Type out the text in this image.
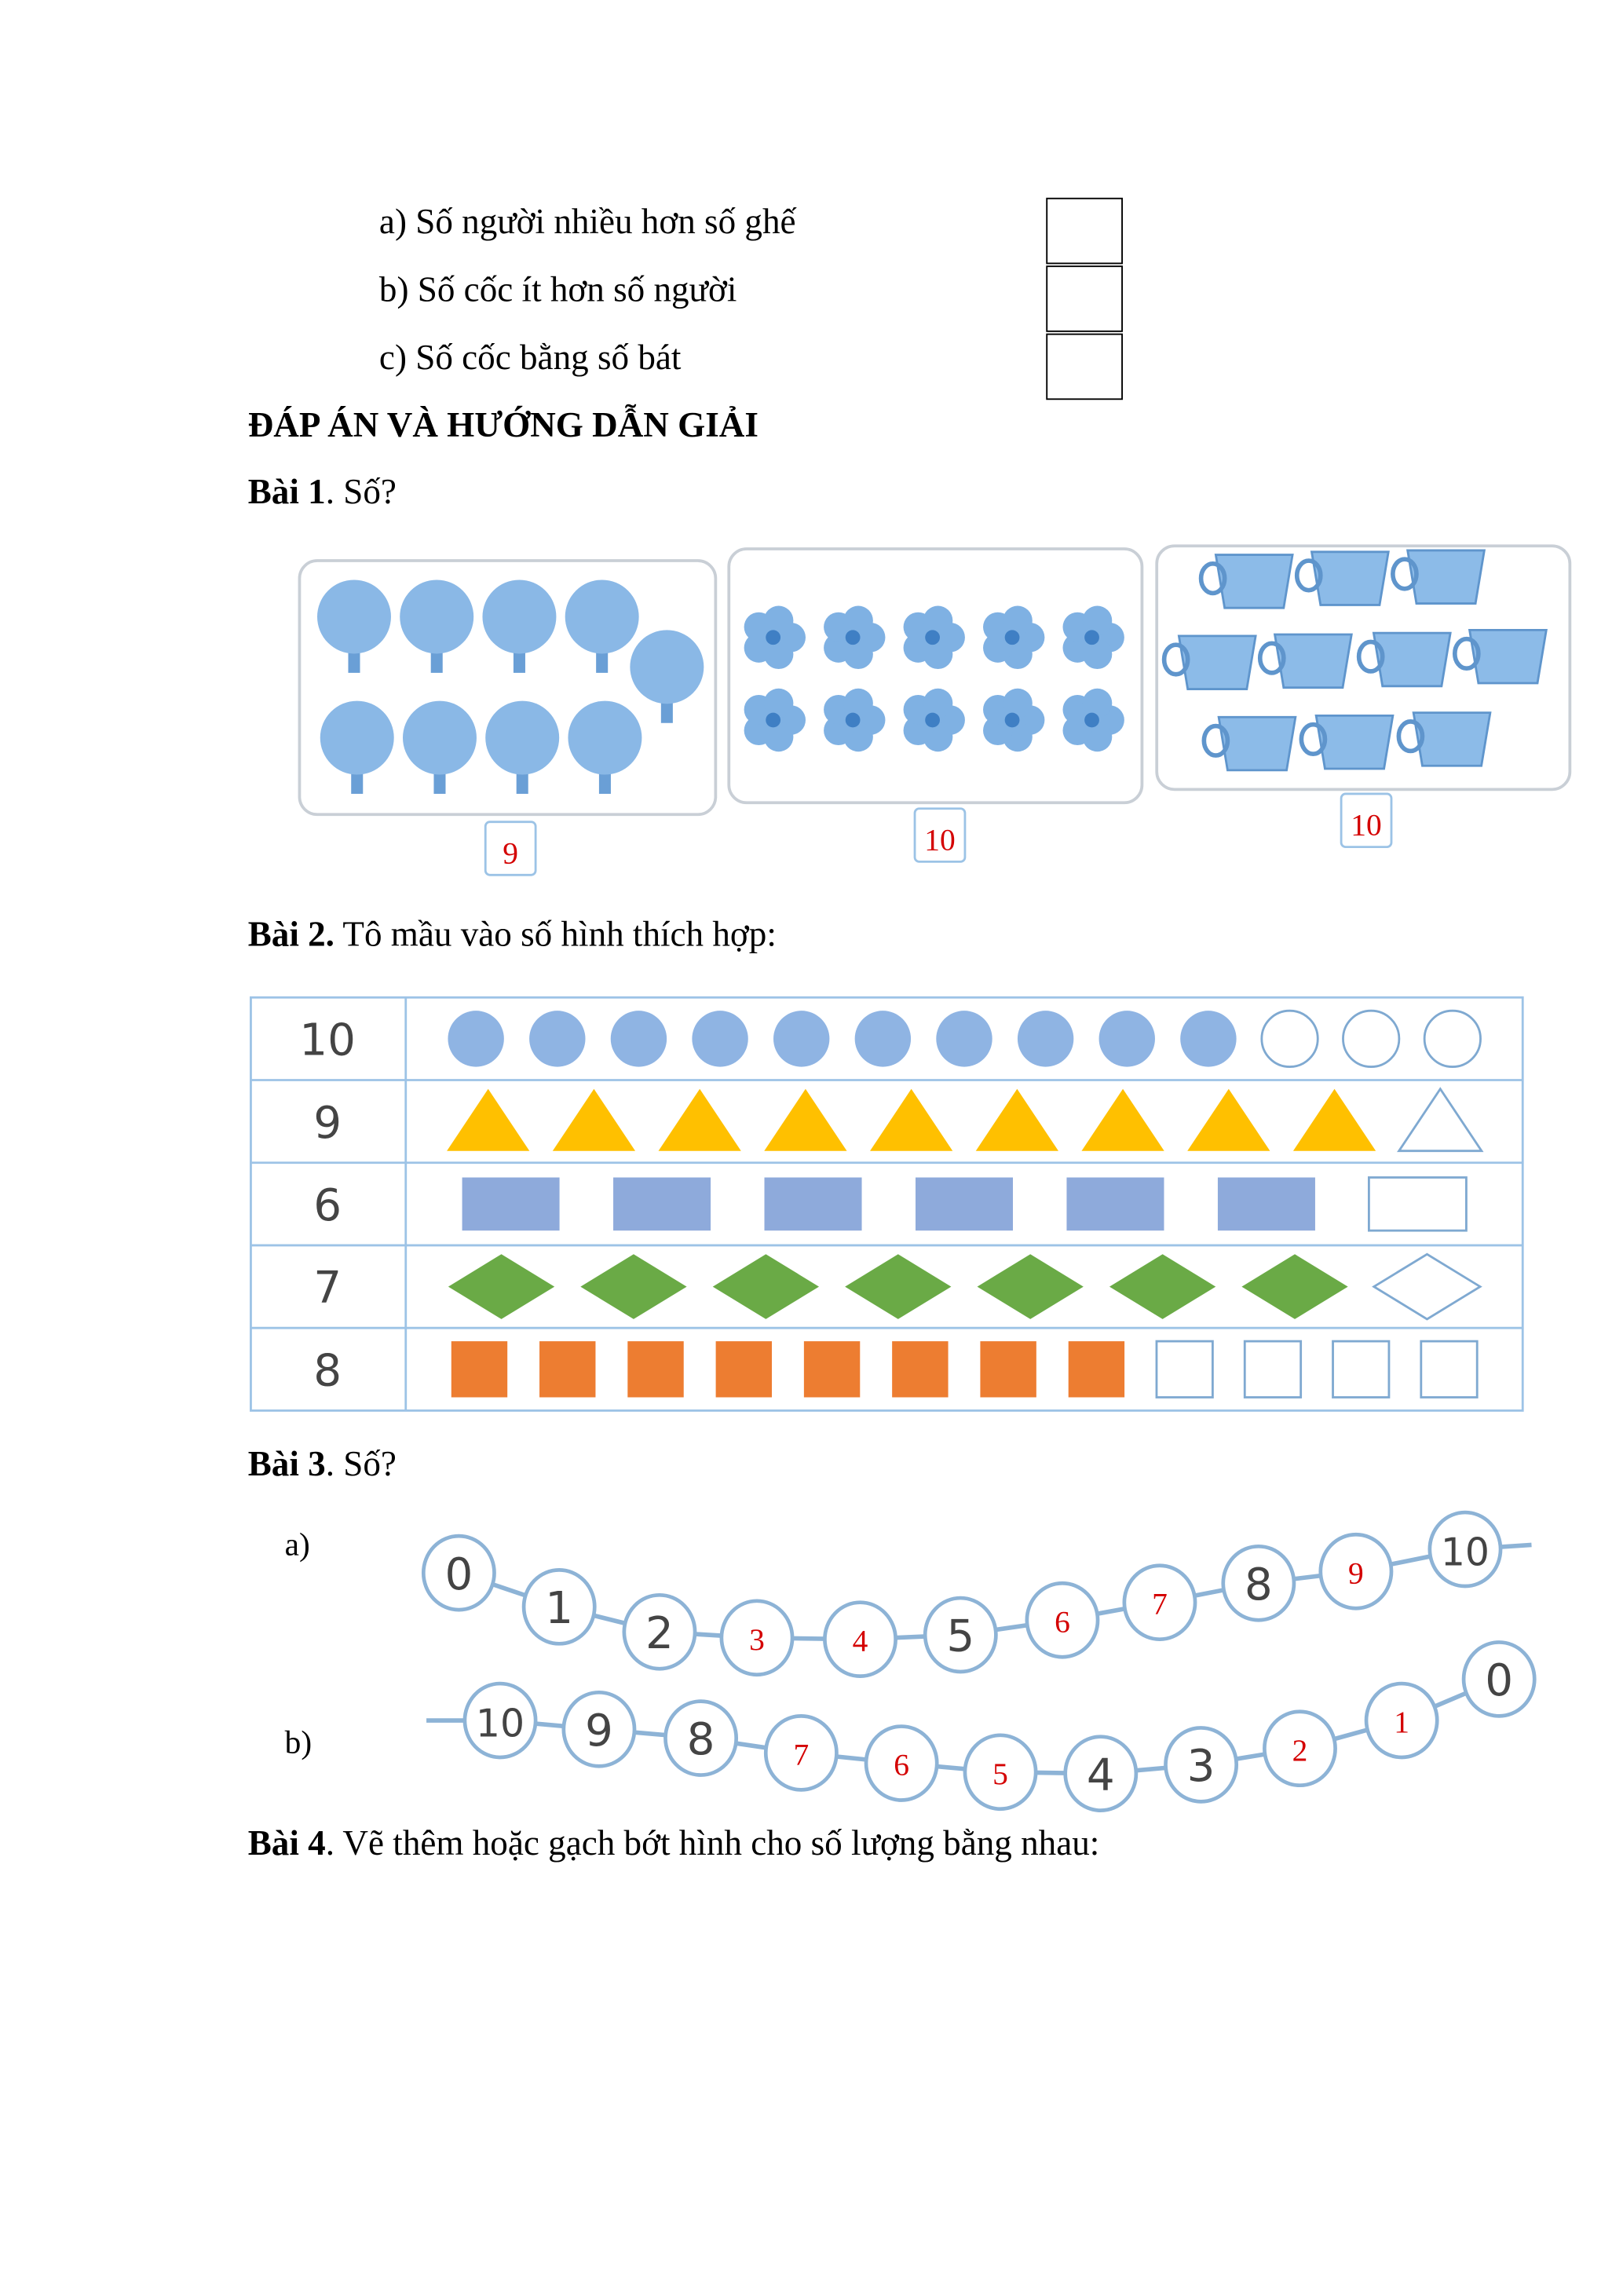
a) Số người nhiều hơn số ghế
b) Số cốc ít hơn số người
c) Số cốc bằng số bát
ĐÁP ÁN VÀ HƯỚNG DẪN GIẢI
Bài 1. Số?
9	10	10
Bài 2. Tô mầu vào số hình thích hợp:
10
9
6
7
8
Bài 3. Số?
a)
b)
0
1	2	3	4	5	6
7	8	9	10
10	9	8	7	6	5	4	3	2
1
0
Bài 4. Vẽ thêm hoặc gạch bớt hình cho số lượng bằng nhau:
